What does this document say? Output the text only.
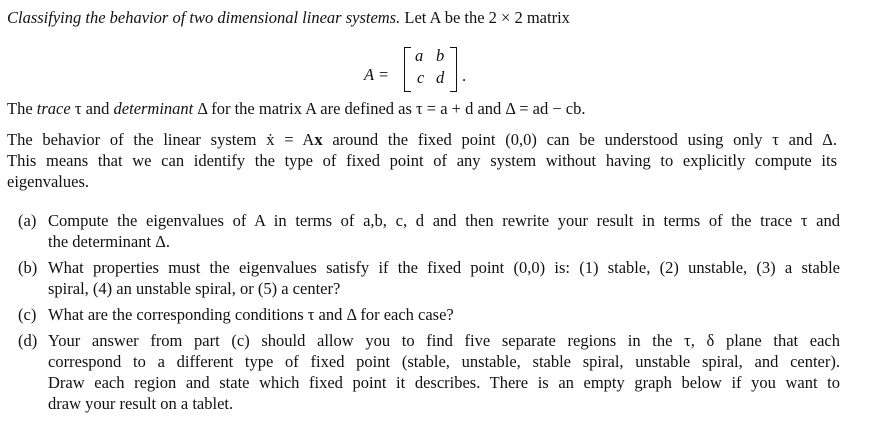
Classifying the behavior of two dimensional linear systems. Let A be the 2 × 2 matrix
A =
a b
c d .
The trace τ and determinant Δ for the matrix A are defined as τ = a + d and Δ = ad − cb.
The behavior of the linear system ẋ = Ax around the fixed point (0,0) can be understood using only τ and Δ.
This means that we can identify the type of fixed point of any system without having to explicitly compute its
eigenvalues.
(a) Compute the eigenvalues of A in terms of a,b, c, d and then rewrite your result in terms of the trace τ and
the determinant Δ.
(b) What properties must the eigenvalues satisfy if the fixed point (0,0) is: (1) stable, (2) unstable, (3) a stable
spiral, (4) an unstable spiral, or (5) a center?
(c) What are the corresponding conditions τ and Δ for each case?
(d) Your answer from part (c) should allow you to find five separate regions in the τ, δ plane that each
correspond to a different type of fixed point (stable, unstable, stable spiral, unstable spiral, and center).
Draw each region and state which fixed point it describes. There is an empty graph below if you want to
draw your result on a tablet.
